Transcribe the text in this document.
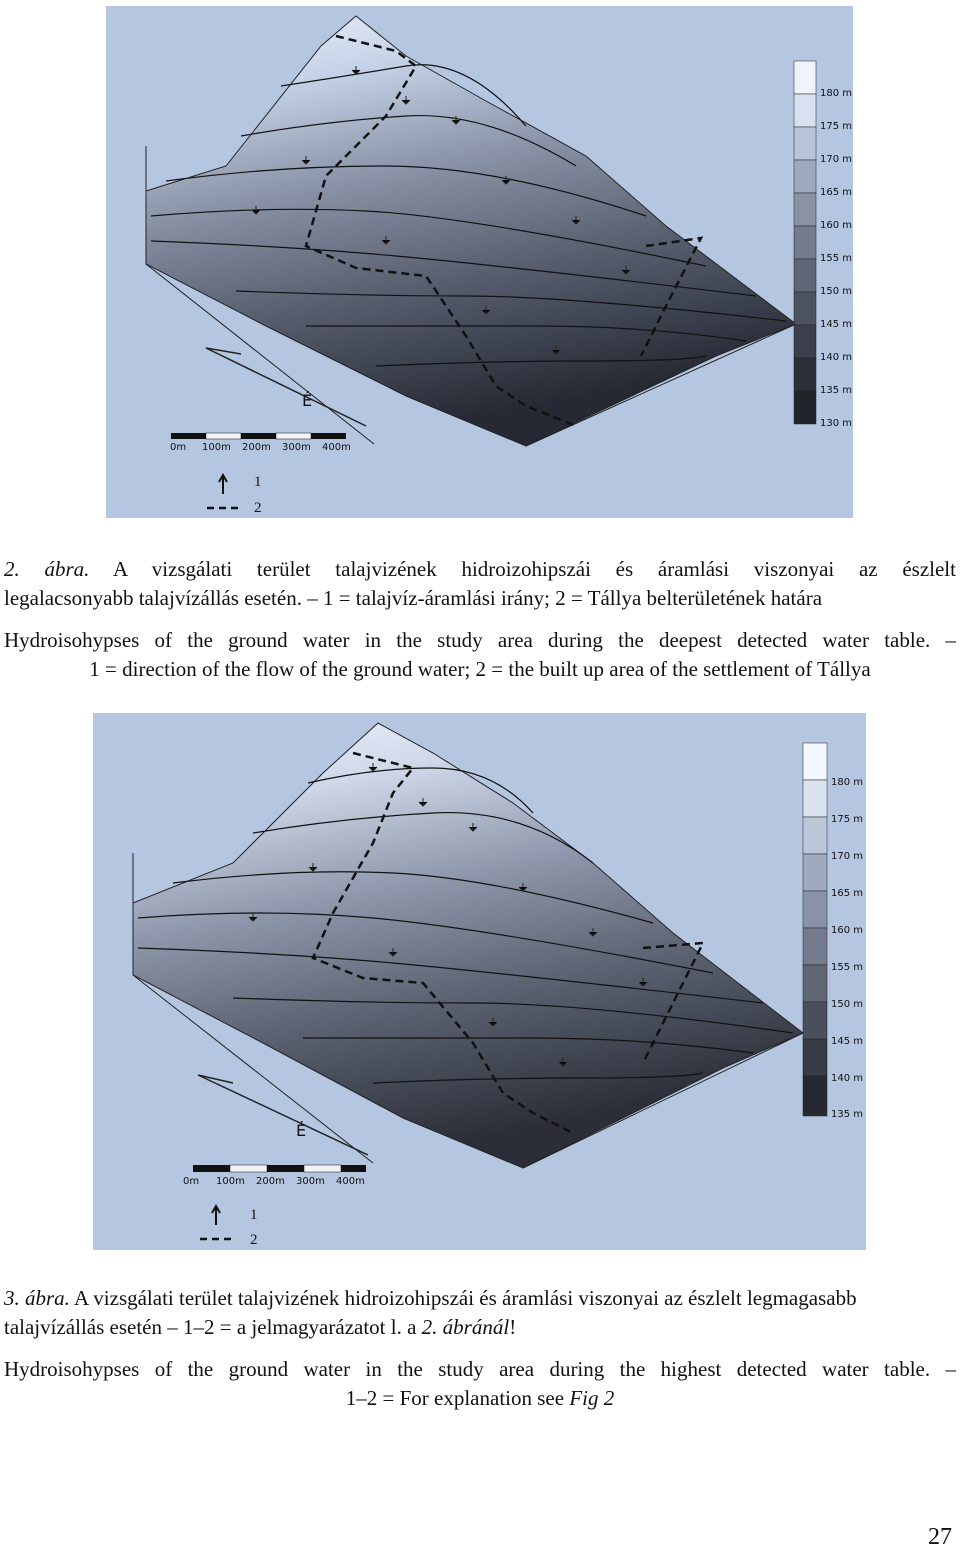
180 m
175 m
170 m
165 m
160 m
155 m
150 m
145 m
140 m
135 m
130 m
É
0m 100m 200m 300m 400m
1
2
2. ábra. A vizsgálati terület talajvizének hidroizohipszái és áramlási viszonyai az észlelt
legalacsonyabb talajvízállás esetén. – 1 = talajvíz-áramlási irány; 2 = Tállya belterületének határa
Hydroisohypses of the ground water in the study area during the deepest detected water table. –
1 = direction of the flow of the ground water; 2 = the built up area of the settlement of Tállya
180 m
175 m
170 m
165 m
160 m
155 m
150 m
145 m
140 m
135 m
É
0m 100m 200m 300m 400m
1
2
3. ábra. A vizsgálati terület talajvizének hidroizohipszái és áramlási viszonyai az észlelt legmagasabb
talajvízállás esetén – 1–2 = a jelmagyarázatot l. a 2. ábránál!
Hydroisohypses of the ground water in the study area during the highest detected water table. –
1–2 = For explanation see Fig 2
27
